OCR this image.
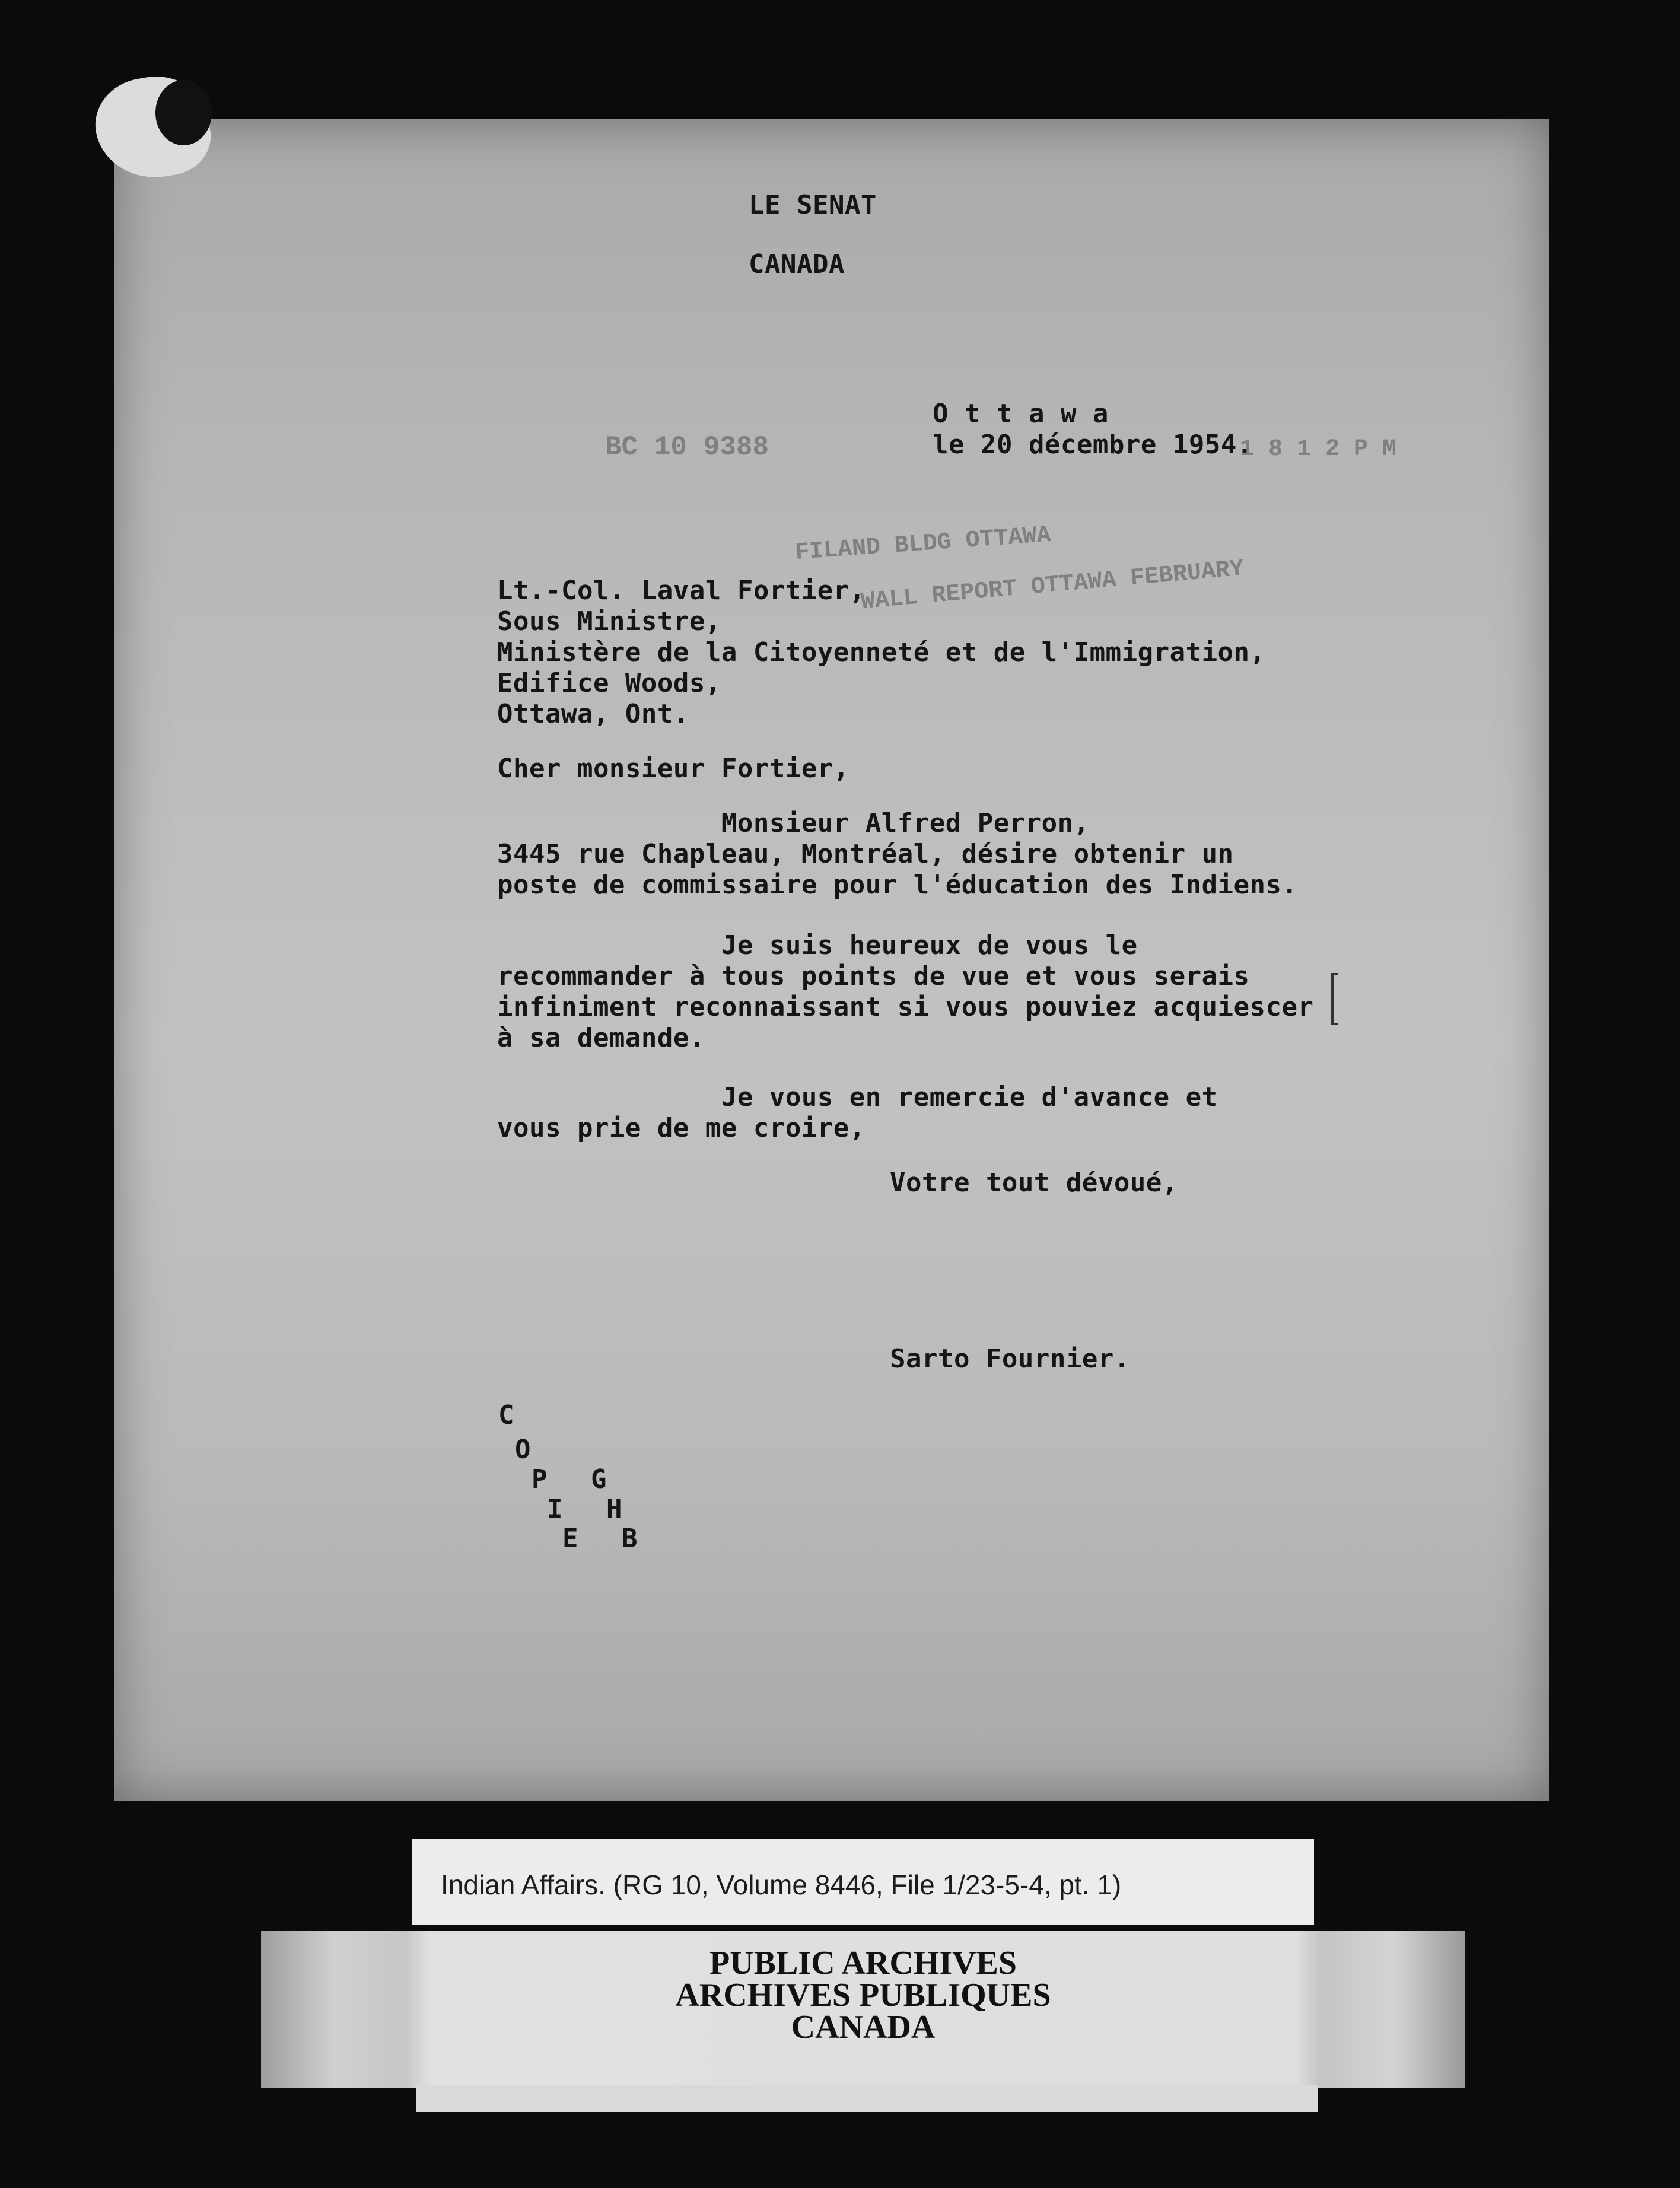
LE SENAT
CANADA
BC 10 9388
O t t a w a
le 20 décembre 1954.
1 8 1 2 P M
FILAND BLDG OTTAWA
WALL REPORT OTTAWA FEBRUARY
Lt.-Col. Laval Fortier,
Sous Ministre,
Ministère de la Citoyenneté et de l'Immigration,
Edifice Woods,
Ottawa, Ont.
Cher monsieur Fortier,
Monsieur Alfred Perron,
3445 rue Chapleau, Montréal, désire obtenir un
poste de commissaire pour l'éducation des Indiens.
Je suis heureux de vous le
recommander à tous points de vue et vous serais
infiniment reconnaissant si vous pouviez acquiescer
à sa demande.
Je vous en remercie d'avance et
vous prie de me croire,
Votre tout dévoué,
Sarto Fournier.
C
O
P
I
E
G
H
B
Indian Affairs. (RG 10, Volume 8446, File 1/23-5-4, pt. 1)
PUBLIC ARCHIVES
ARCHIVES PUBLIQUES
CANADA
